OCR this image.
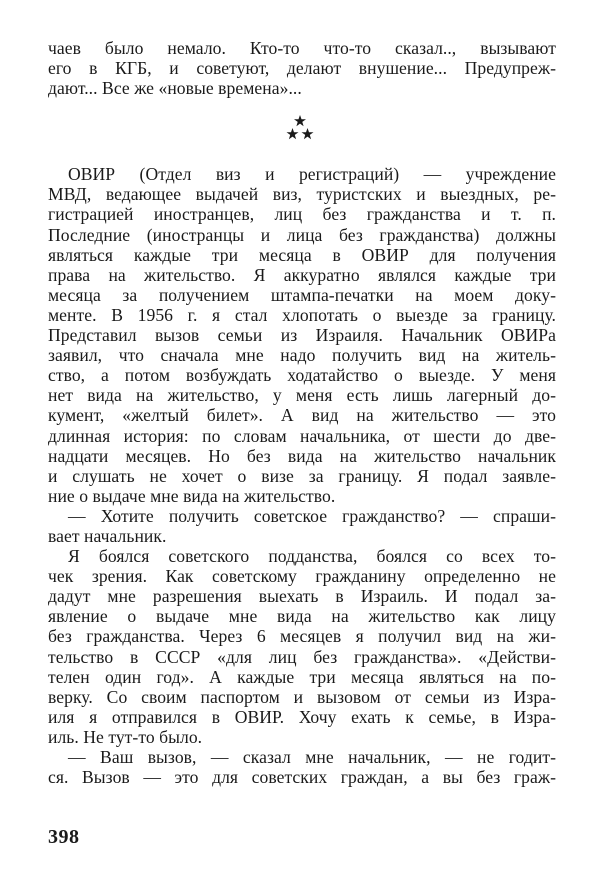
чаев было немало. Кто-то что-то сказал.., вызывают
его в КГБ, и советуют, делают внушение... Предупреж-
дают... Все же «новые времена»...
ОВИР (Отдел виз и регистраций) — учреждение
МВД, ведающее выдачей виз, туристских и выездных, ре-
гистрацией иностранцев, лиц без гражданства и т. п.
Последние (иностранцы и лица без гражданства) должны
являться каждые три месяца в ОВИР для получения
права на жительство. Я аккуратно являлся каждые три
месяца за получением штампа-печатки на моем доку-
менте. В 1956 г. я стал хлопотать о выезде за границу.
Представил вызов семьи из Израиля. Начальник ОВИРа
заявил, что сначала мне надо получить вид на житель-
ство, а потом возбуждать ходатайство о выезде. У меня
нет вида на жительство, у меня есть лишь лагерный до-
кумент, «желтый билет». А вид на жительство — это
длинная история: по словам начальника, от шести до две-
надцати месяцев. Но без вида на жительство начальник
и слушать не хочет о визе за границу. Я подал заявле-
ние о выдаче мне вида на жительство.
— Хотите получить советское гражданство? — спраши-
вает начальник.
Я боялся советского подданства, боялся со всех то-
чек зрения. Как советскому гражданину определенно не
дадут мне разрешения выехать в Израиль. И подал за-
явление о выдаче мне вида на жительство как лицу
без гражданства. Через 6 месяцев я получил вид на жи-
тельство в СССР «для лиц без гражданства». «Действи-
телен один год». А каждые три месяца являться на по-
верку. Со своим паспортом и вызовом от семьи из Изра-
иля я отправился в ОВИР. Хочу ехать к семье, в Изра-
иль. Не тут-то было.
— Ваш вызов, — сказал мне начальник, — не годит-
ся. Вызов — это для советских граждан, а вы без граж-
398
